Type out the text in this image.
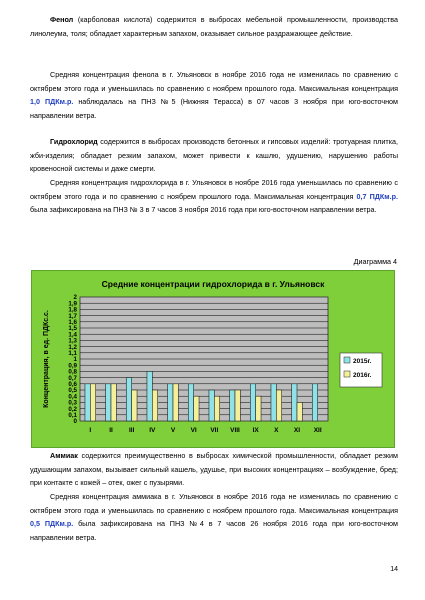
Фенол (карболовая кислота) содержится в выбросах мебельной промышленности, производства линолеума, толя; обладает характерным запахом, оказывает сильное раздражающее действие.
Средняя концентрация фенола в г. Ульяновск в ноябре 2016 года не изменилась по сравнению с октябрем этого года и уменьшилась по сравнению с ноябрем прошлого года. Максимальная концентрация 1,0 ПДКм.р. наблюдалась на ПНЗ №5 (Нижняя Терасса) в 07 часов 3 ноября при юго-восточном направлении ветра.
Гидрохлорид содержится в выбросах производств бетонных и гипсовых изделий: тротуарная плитка, жби-изделия; обладает резким запахом, может привести к кашлю, удушению, нарушению работы кровеносной системы и даже смерти.
Средняя концентрация гидрохлорида в г. Ульяновск в ноябре 2016 года уменьшилась по сравнению с октябрем этого года и по сравнению с ноябрем прошлого года. Максимальная концентрация 0,7 ПДКм.р. была зафиксирована на ПНЗ № 3 в 7 часов 3 ноября 2016 года при юго-восточном направлении ветра.
Диаграмма 4
Средние концентрации гидрохлорида в г. Ульяновск
0
0,1
0,2
0,3
0,4
0,5
0,6
0,7
0,8
0,9
1
1,1
1,2
1,3
1,4
1,5
1,6
1,7
1,8
1,9
2
Концентрация, в ед. ПДКс.с.
I	II III IV V VI VII VIII IX X XI XII
2015г.
2016г.
Аммиак содержится преимущественно в выбросах химической промышленности, обладает резким удушающим запахом, вызывает сильный кашель, удушье, при высоких концентрациях – возбуждение, бред; при контакте с кожей – отек, ожег с пузырями.
Средняя концентрация аммиака в г. Ульяновск в ноябре 2016 года не изменилась по сравнению с октябрем этого года и уменьшилась по сравнению с ноябрем прошлого года. Максимальная концентрация 0,5 ПДКм.р. была зафиксирована на ПНЗ №4 в 7 часов 26 ноября 2016 года при юго-восточном направлении ветра.
14
